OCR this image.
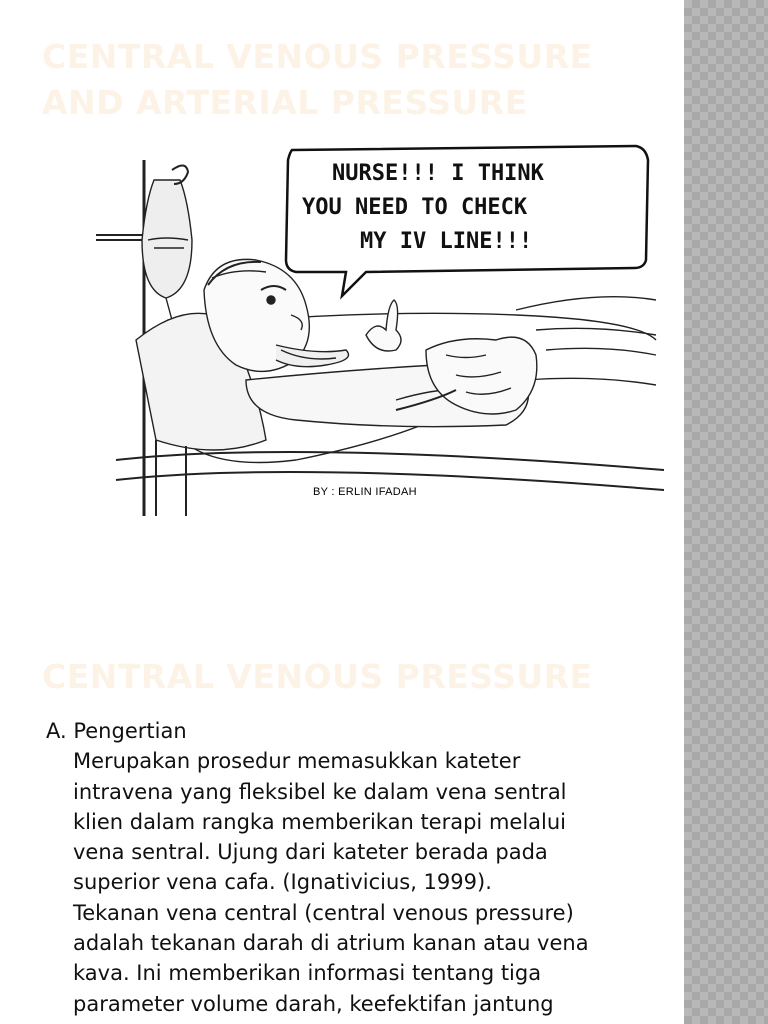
CENTRAL VENOUS PRESSURE
AND ARTERIAL PRESSURE
NURSE!!! I THINK
YOU NEED TO CHECK
MY IV LINE!!!
BY : ERLIN IFADAH
CENTRAL VENOUS PRESSURE

A. Pengertian

Merupakan prosedur memasukkan kateter

intravena yang fleksibel ke dalam vena sentral

klien dalam rangka memberikan terapi melalui

vena sentral. Ujung dari kateter berada pada

superior vena cafa. (Ignativicius, 1999).

Tekanan vena central (central venous pressure)

adalah tekanan darah di atrium kanan atau vena

kava. Ini memberikan informasi tentang tiga

parameter volume darah, keefektifan jantung
